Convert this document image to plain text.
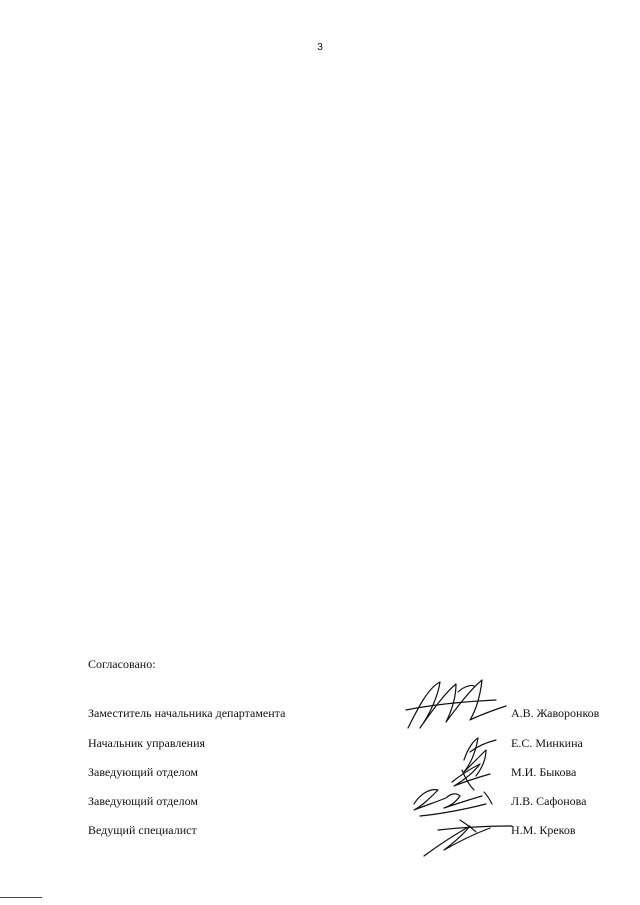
3
Согласовано:
Заместитель начальника департамента	А.В. Жаворонков
Начальник управления	Е.С. Минкина
Заведующий отделом	М.И. Быкова
Заведующий отделом	Л.В. Сафонова
Ведущий специалист	Н.М. Креков
